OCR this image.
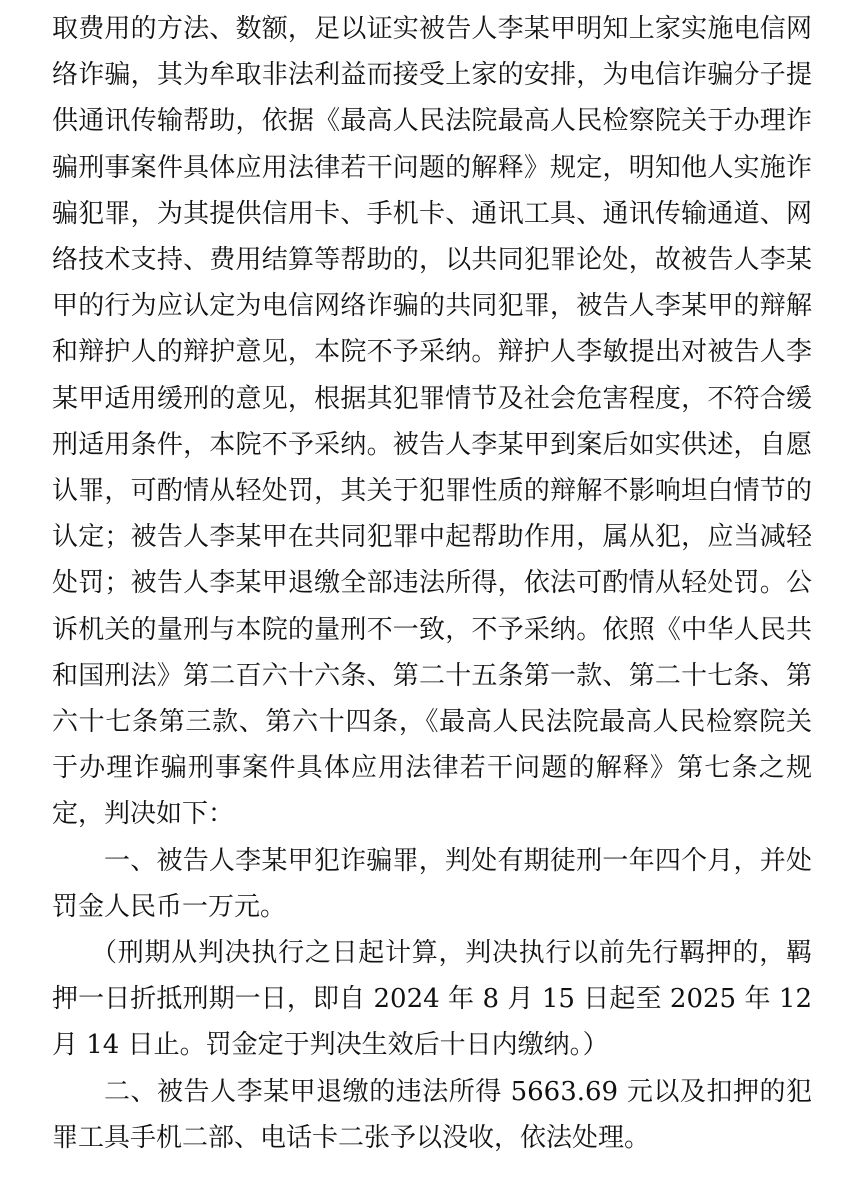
取费用的方法、数额，足以证实被告人李某甲明知上家实施电信网络诈骗，其为牟取非法利益而接受上家的安排，为电信诈骗分子提供通讯传输帮助，依据《最高人民法院最高人民检察院关于办理诈骗刑事案件具体应用法律若干问题的解释》规定，明知他人实施诈骗犯罪，为其提供信用卡、手机卡、通讯工具、通讯传输通道、网络技术支持、费用结算等帮助的，以共同犯罪论处，故被告人李某甲的行为应认定为电信网络诈骗的共同犯罪，被告人李某甲的辩解和辩护人的辩护意见，本院不予采纳。辩护人李敏提出对被告人李某甲适用缓刑的意见，根据其犯罪情节及社会危害程度，不符合缓刑适用条件，本院不予采纳。被告人李某甲到案后如实供述，自愿认罪，可酌情从轻处罚，其关于犯罪性质的辩解不影响坦白情节的认定；被告人李某甲在共同犯罪中起帮助作用，属从犯，应当减轻处罚；被告人李某甲退缴全部违法所得，依法可酌情从轻处罚。公诉机关的量刑与本院的量刑不一致，不予采纳。依照《中华人民共和国刑法》第二百六十六条、第二十五条第一款、第二十七条、第六十七条第三款、第六十四条，《最高人民法院最高人民检察院关于办理诈骗刑事案件具体应用法律若干问题的解释》第七条之规定，判决如下：

一、被告人李某甲犯诈骗罪，判处有期徒刑一年四个月，并处罚金人民币一万元。

（刑期从判决执行之日起计算，判决执行以前先行羁押的，羁押一日折抵刑期一日，即自 2024 年 8 月 15 日起至 2025 年 12 月 14 日止。罚金定于判决生效后十日内缴纳。）

二、被告人李某甲退缴的违法所得 5663.69 元以及扣押的犯罪工具手机二部、电话卡二张予以没收，依法处理。
